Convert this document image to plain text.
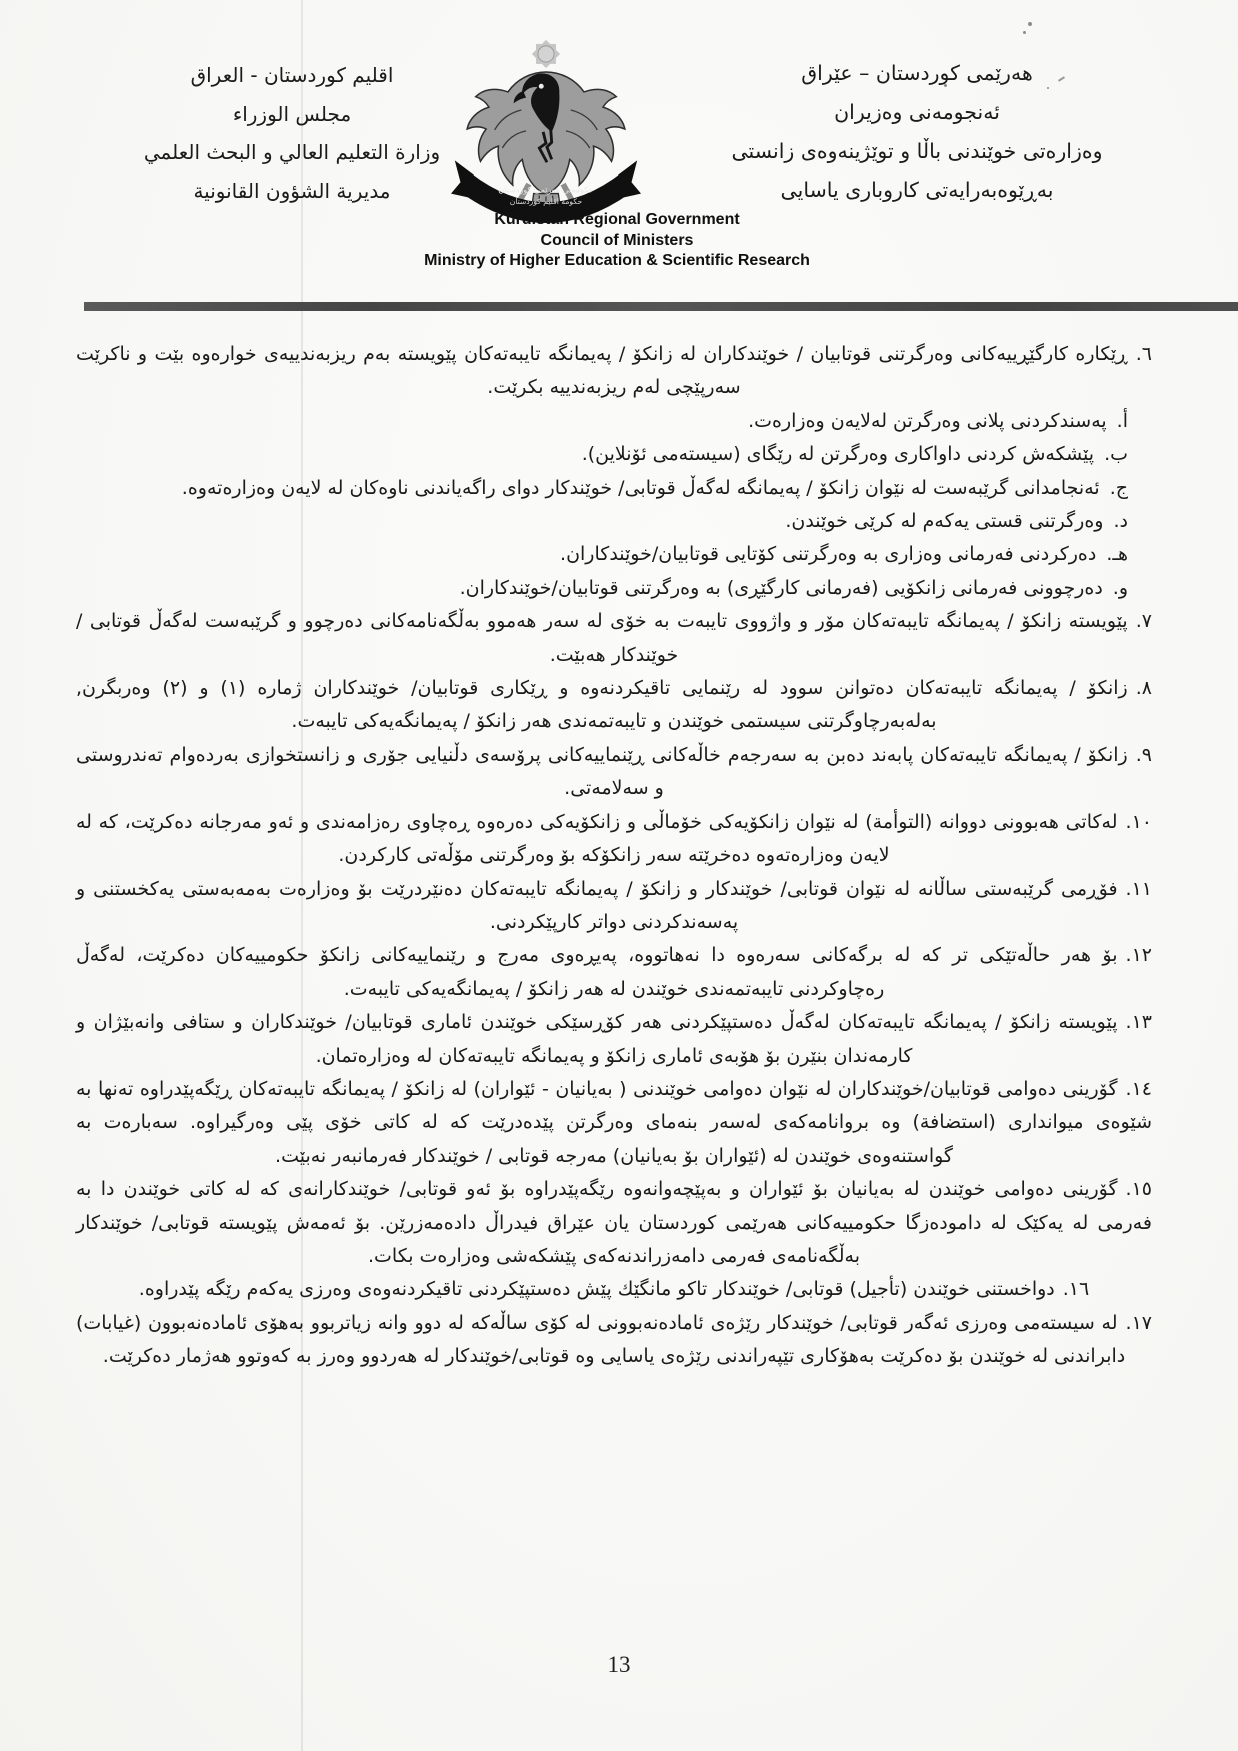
اقليم كوردستان - العراق
مجلس الوزراء
وزارة التعليم العالي و البحث العلمي
مديرية الشؤون القانونية
هەرێمی کوردستان – عێراق
ئەنجومەنی وەزیران
وەزارەتی خوێندنی باڵا و توێژینەوەی زانستی
بەڕێوەبەرایەتی کاروباری یاسایی
حکومەتی هەرێمی کوردستان
حكومة اقليم كوردستان
Kurdistan Regional Government
Council of Ministers
Ministry of Higher Education & Scientific Research

٦.ڕێکارە کارگێڕییەکانی وەرگرتنی قوتابیان / خوێندکاران لە زانکۆ / پەیمانگە تایبەتەکان پێویستە بەم ریزبەندییەی خوارەوە بێت و ناکرێت سەرپێچی لەم ریزبەندییە بکرێت.

أ.پەسندکردنی پلانی وەرگرتن لەلایەن وەزارەت.

ب.پێشکەش کردنی داواکاری وەرگرتن لە رێگای (سیستەمی ئۆنلاین).

ج.ئەنجامدانی گرێبەست لە نێوان زانکۆ / پەیمانگە لەگەڵ قوتابی/ خوێندکار دوای راگەیاندنی ناوەکان لە لایەن وەزارەتەوە.

د.وەرگرتنی قستی یەکەم لە کرێی خوێندن.

هـ.دەرکردنی فەرمانی وەزاری بە وەرگرتنی کۆتایی قوتابیان/خوێندکاران.

و.دەرچوونی فەرمانی زانکۆیی (فەرمانی کارگێڕی) بە وەرگرتنی قوتابیان/خوێندکاران.

٧.پێویستە زانکۆ / پەیمانگە تایبەتەکان مۆر و واژووی تایبەت بە خۆی لە سەر هەموو بەڵگەنامەکانی دەرچوو و گرێبەست لەگەڵ قوتابی / خوێندکار هەبێت.

٨.زانکۆ / پەیمانگە تایبەتەکان دەتوانن سوود لە رێنمایی تاقیکردنەوە و ڕێکاری قوتابیان/ خوێندکاران ژمارە (١) و (٢) وەربگرن, بەلەبەرچاوگرتنی سیستمی خوێندن و تایبەتمەندی هەر زانکۆ / پەیمانگەیەکی تایبەت.

٩.زانکۆ / پەیمانگە تایبەتەکان پابەند دەبن بە سەرجەم خاڵەکانی ڕێنماییەکانی پرۆسەی دڵنیایی جۆری و زانستخوازی بەردەوام تەندروستی و سەلامەتی.

١٠.لەکاتی هەبوونی دووانە (التوأمة) لە نێوان زانکۆیەکی خۆماڵی و زانکۆیەکی دەرەوە ڕەچاوی رەزامەندی و ئەو مەرجانە دەکرێت، کە لە لایەن وەزارەتەوە دەخرێتە سەر زانکۆکە بۆ وەرگرتنی مۆڵەتی کارکردن.

١١.فۆڕمی گرێبەستی ساڵانە لە نێوان قوتابی/ خوێندکار و زانکۆ / پەیمانگە تایبەتەکان دەنێردرێت بۆ وەزارەت بەمەبەستی یەکخستنی و پەسەندکردنی دواتر کارپێکردنی.

١٢.بۆ هەر حاڵەتێکی تر کە لە برگەکانی سەرەوە دا نەهاتووە، پەیڕەوی مەرج و رێنماییەکانی زانکۆ حکومییەکان دەکرێت، لەگەڵ رەچاوکردنی تایبەتمەندی خوێندن لە هەر زانکۆ / پەیمانگەیەکی تایبەت.

١٣.پێویستە زانکۆ / پەیمانگە تایبەتەکان لەگەڵ دەستپێکردنی هەر کۆڕسێکی خوێندن ئاماری قوتابیان/ خوێندکاران و ستافی وانەبێژان و کارمەندان بنێرن بۆ هۆبەی ئاماری زانکۆ و پەیمانگە تایبەتەکان لە وەزارەتمان.

١٤.گۆرینی دەوامی قوتابیان/خوێندکاران لە نێوان دەوامی خوێندنی ( بەیانیان - ئێواران) لە زانکۆ / پەیمانگە تایبەتەکان ڕێگەپێدراوە تەنها بە شێوەی میوانداری (استضافة) وە بروانامەکەی لەسەر بنەمای وەرگرتن پێدەدرێت کە لە کاتی خۆی پێی وەرگیراوە. سەبارەت بە گواستنەوەی خوێندن لە (ئێواران بۆ بەیانیان) مەرجە قوتابی / خوێندکار فەرمانبەر نەبێت.

١٥.گۆرینی دەوامی خوێندن لە بەیانیان بۆ ئێواران و بەپێچەوانەوە رێگەپێدراوە بۆ ئەو قوتابی/ خوێندکارانەی کە لە کاتی خوێندن دا بە فەرمی لە یەکێک لە دامودەزگا حکومییەکانی هەرێمی کوردستان یان عێراق فیدراڵ دادەمەزرێن. بۆ ئەمەش پێویستە قوتابی/ خوێندکار بەڵگەنامەی فەرمی دامەزراندنەکەی پێشکەشی وەزارەت بکات.

١٦.دواخستنی خوێندن (تأجیل) قوتابی/ خوێندکار تاکو مانگێك پێش دەستپێکردنی تاقیکردنەوەی وەرزی یەکەم رێگە پێدراوە.

١٧.لە سیستەمی وەرزی ئەگەر قوتابی/ خوێندکار رێژەی ئامادەنەبوونی لە کۆی ساڵەکە لە دوو وانە زیاتربوو بەهۆی ئامادەنەبوون (غیابات) دابراندنی لە خوێندن بۆ دەکرێت بەهۆکاری تێپەراندنی رێژەی یاسایی وە قوتابی/خوێندکار لە هەردوو وەرز بە کەوتوو هەژمار دەکرێت.

13
